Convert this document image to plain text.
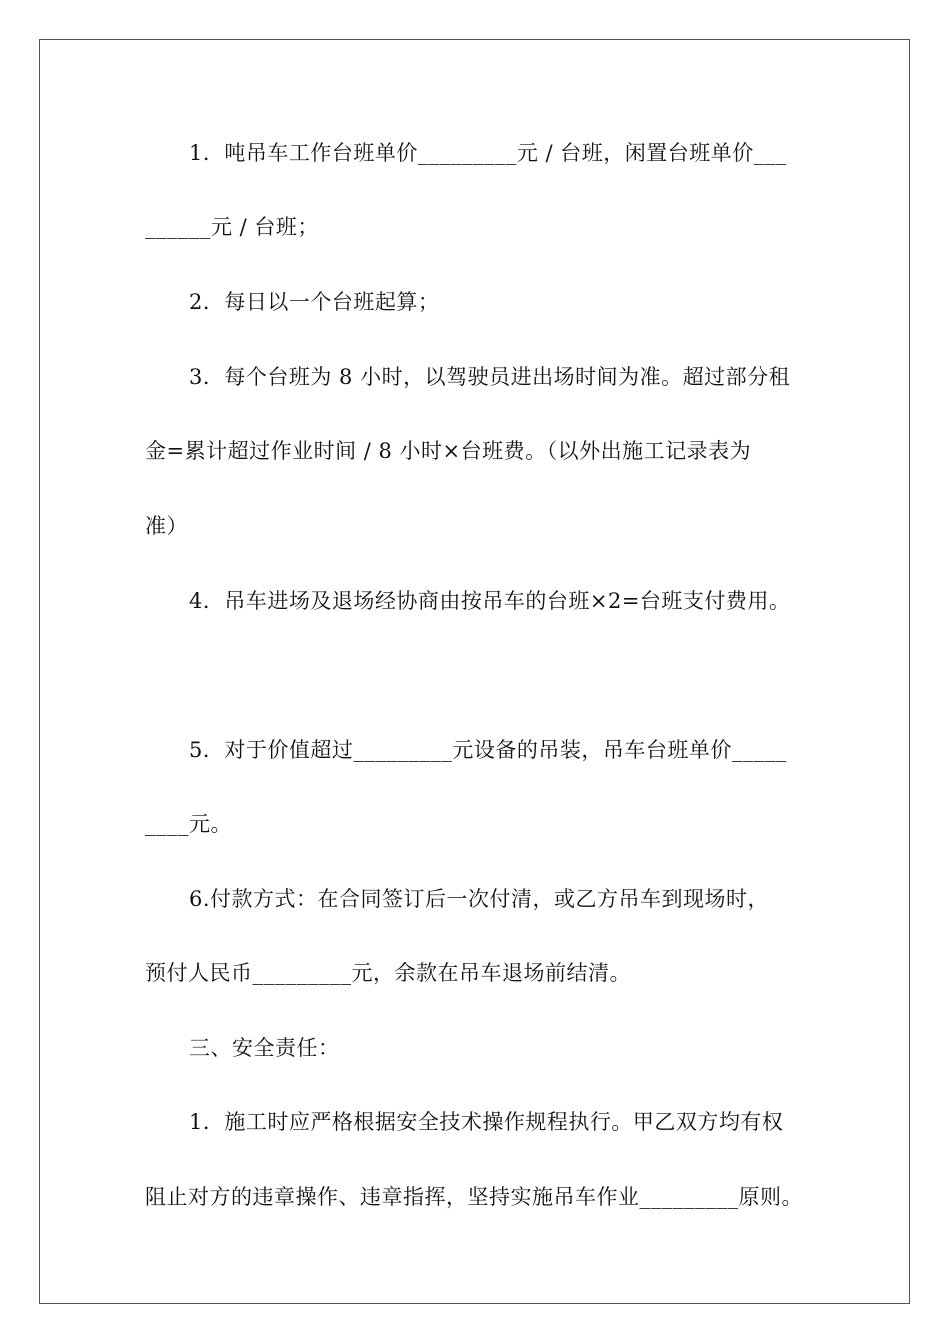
1．吨吊车工作台班单价_________元 / 台班，闲置台班单价___
______元 / 台班；
2．每日以一个台班起算；
3．每个台班为 8 小时，以驾驶员进出场时间为准。超过部分租
金=累计超过作业时间 / 8 小时×台班费。（以外出施工记录表为
准）
4．吊车进场及退场经协商由按吊车的台班×2=台班支付费用。
5．对于价值超过_________元设备的吊装，吊车台班单价_____
____元。
6.付款方式：在合同签订后一次付清，或乙方吊车到现场时，
预付人民币_________元，余款在吊车退场前结清。
三、安全责任：
1．施工时应严格根据安全技术操作规程执行。甲乙双方均有权
阻止对方的违章操作、违章指挥，坚持实施吊车作业_________原则。
